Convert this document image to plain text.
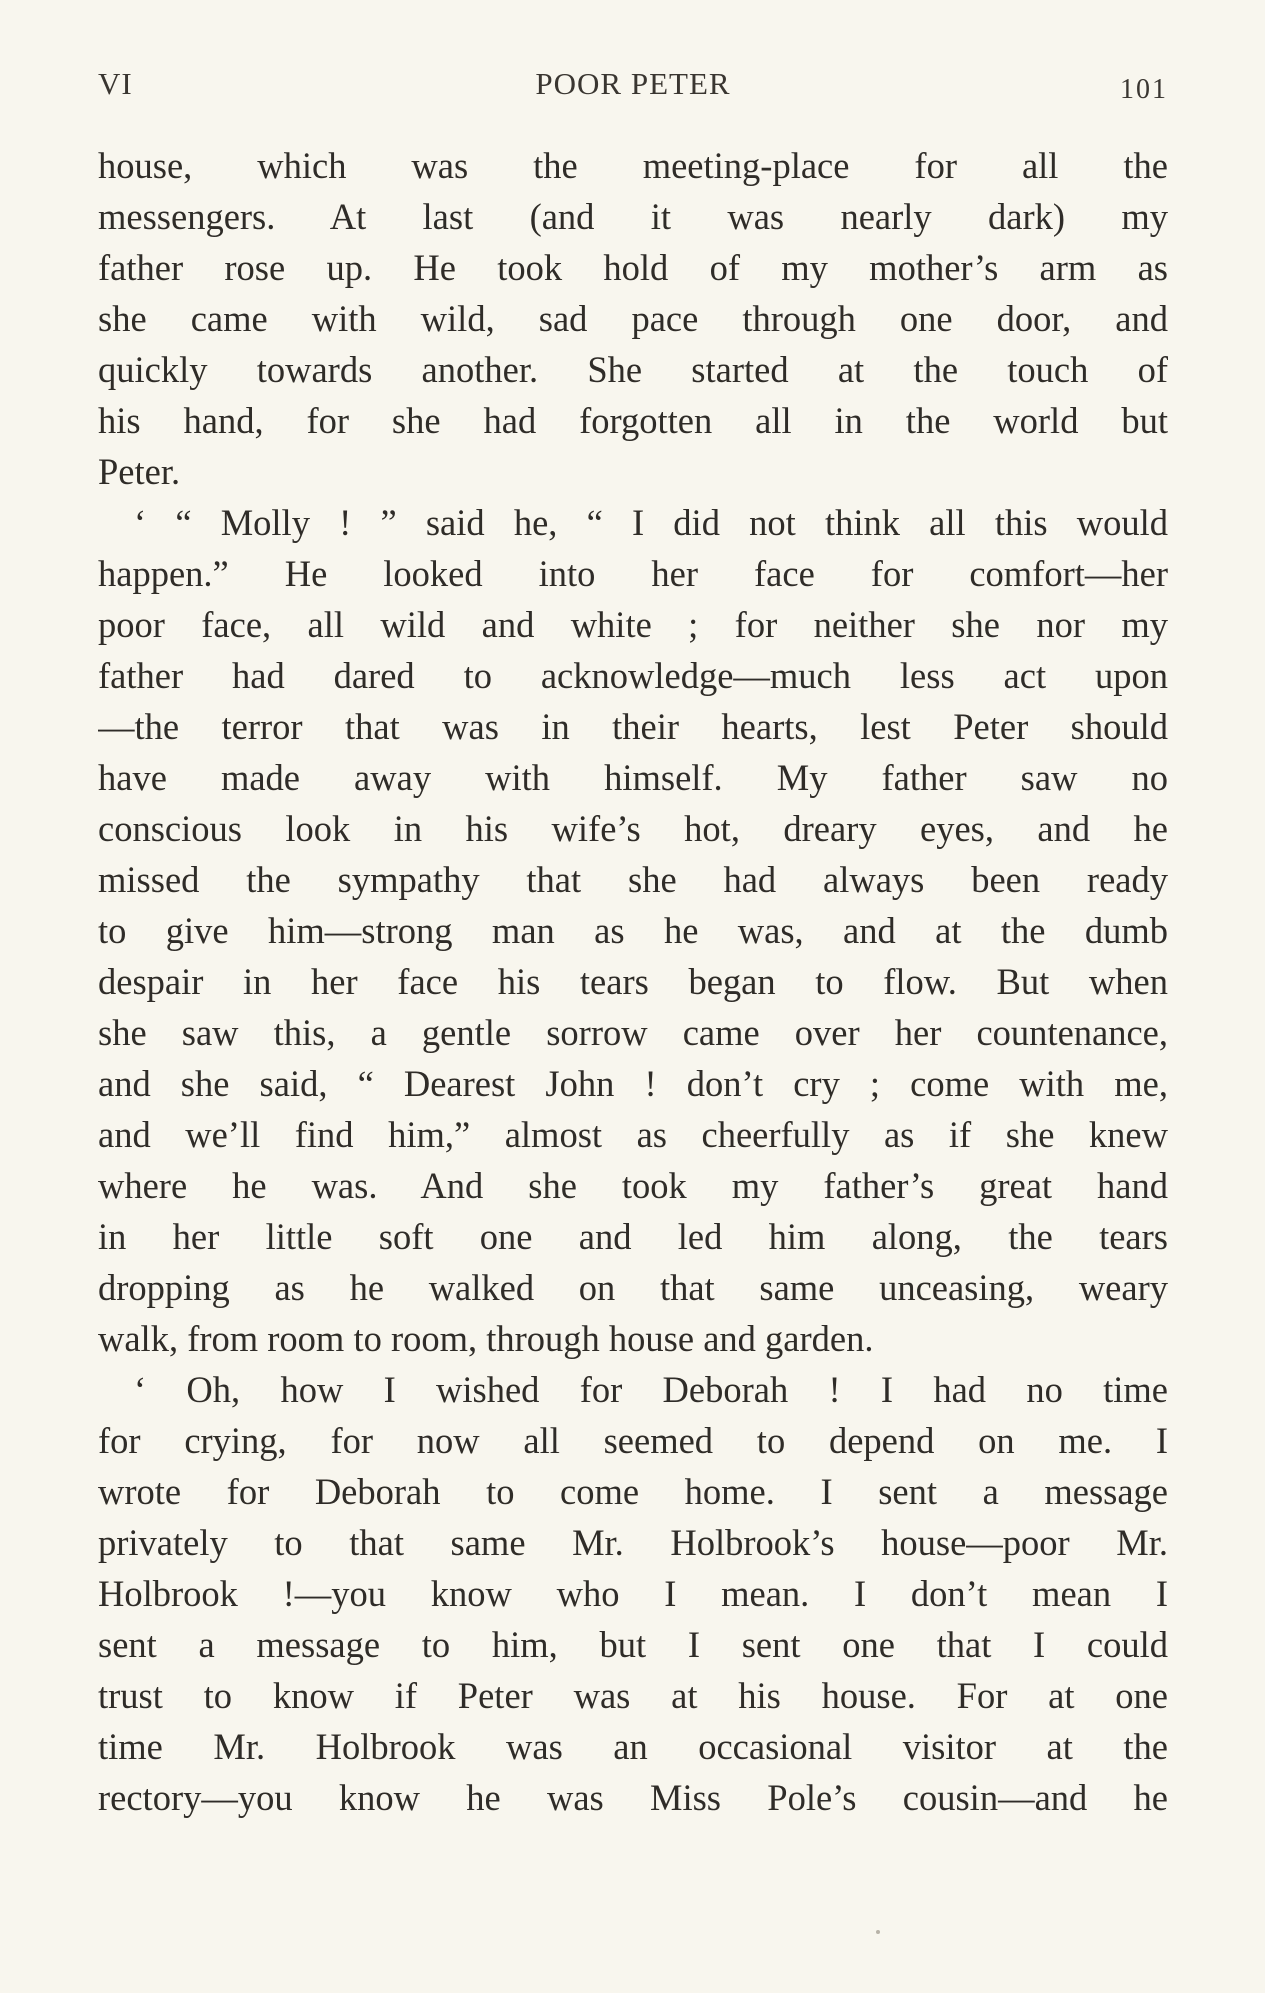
VI	POOR PETER	101
house, which was the meeting-place for all the
messengers. At last (and it was nearly dark) my
father rose up. He took hold of my mother’s arm as
she came with wild, sad pace through one door, and
quickly towards another. She started at the touch of
his hand, for she had forgotten all in the world but
Peter.
‘ “ Molly ! ” said he, “ I did not think all this would
happen.” He looked into her face for comfort—her
poor face, all wild and white ; for neither she nor my
father had dared to acknowledge—much less act upon
—the terror that was in their hearts, lest Peter should
have made away with himself. My father saw no
conscious look in his wife’s hot, dreary eyes, and he
missed the sympathy that she had always been ready
to give him—strong man as he was, and at the dumb
despair in her face his tears began to flow. But when
she saw this, a gentle sorrow came over her countenance,
and she said, “ Dearest John ! don’t cry ; come with me,
and we’ll find him,” almost as cheerfully as if she knew
where he was. And she took my father’s great hand
in her little soft one and led him along, the tears
dropping as he walked on that same unceasing, weary
walk, from room to room, through house and garden.
‘ Oh, how I wished for Deborah ! I had no time
for crying, for now all seemed to depend on me. I
wrote for Deborah to come home. I sent a message
privately to that same Mr. Holbrook’s house—poor Mr.
Holbrook !—you know who I mean. I don’t mean I
sent a message to him, but I sent one that I could
trust to know if Peter was at his house. For at one
time Mr. Holbrook was an occasional visitor at the
rectory—you know he was Miss Pole’s cousin—and he
